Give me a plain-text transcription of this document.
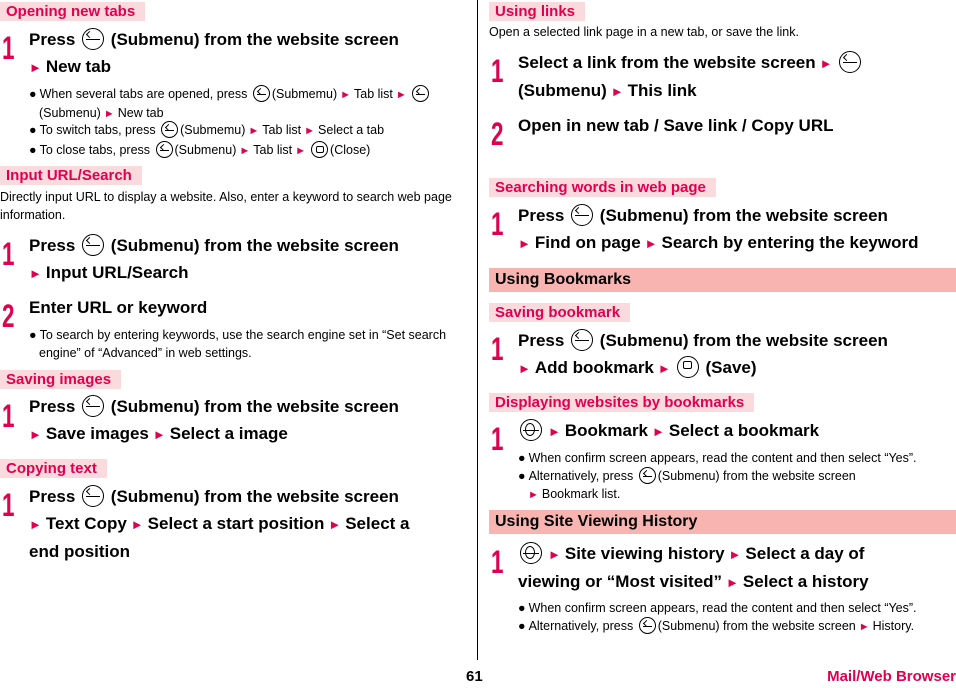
Opening new tabs
1 Press (Submenu) from the website screen
► New tab
● When several tabs are opened, press (Submemu) ► Tab list ►
(Submenu) ► New tab
● To switch tabs, press (Submemu) ► Tab list ► Select a tab
● To close tabs, press (Submenu) ► Tab list ► (Close)
Input URL/Search
Directly input URL to display a website. Also, enter a keyword to search web page information.
1 Press (Submenu) from the website screen
► Input URL/Search
2 Enter URL or keyword
● To search by entering keywords, use the search engine set in “Set search engine” of “Advanced” in web settings.
Saving images
1 Press (Submenu) from the website screen
► Save images ► Select a image
Copying text
1 Press (Submenu) from the website screen
► Text Copy ► Select a start position ► Select a
end position
Using links
Open a selected link page in a new tab, or save the link.
1 Select a link from the website screen ►
(Submenu) ► This link
2 Open in new tab / Save link / Copy URL
Searching words in web page
1 Press (Submenu) from the website screen
► Find on page ► Search by entering the keyword
Using Bookmarks
Saving bookmark
1 Press (Submenu) from the website screen
► Add bookmark ► (Save)
Displaying websites by bookmarks
1	► Bookmark ► Select a bookmark
● When confirm screen appears, read the content and then select “Yes”.
● Alternatively, press (Submenu) from the website screen
► Bookmark list.
Using Site Viewing History
1	► Site viewing history ► Select a day of
viewing or “Most visited” ► Select a history
● When confirm screen appears, read the content and then select “Yes”.
● Alternatively, press (Submenu) from the website screen ► History.
61	Mail/Web Browser
